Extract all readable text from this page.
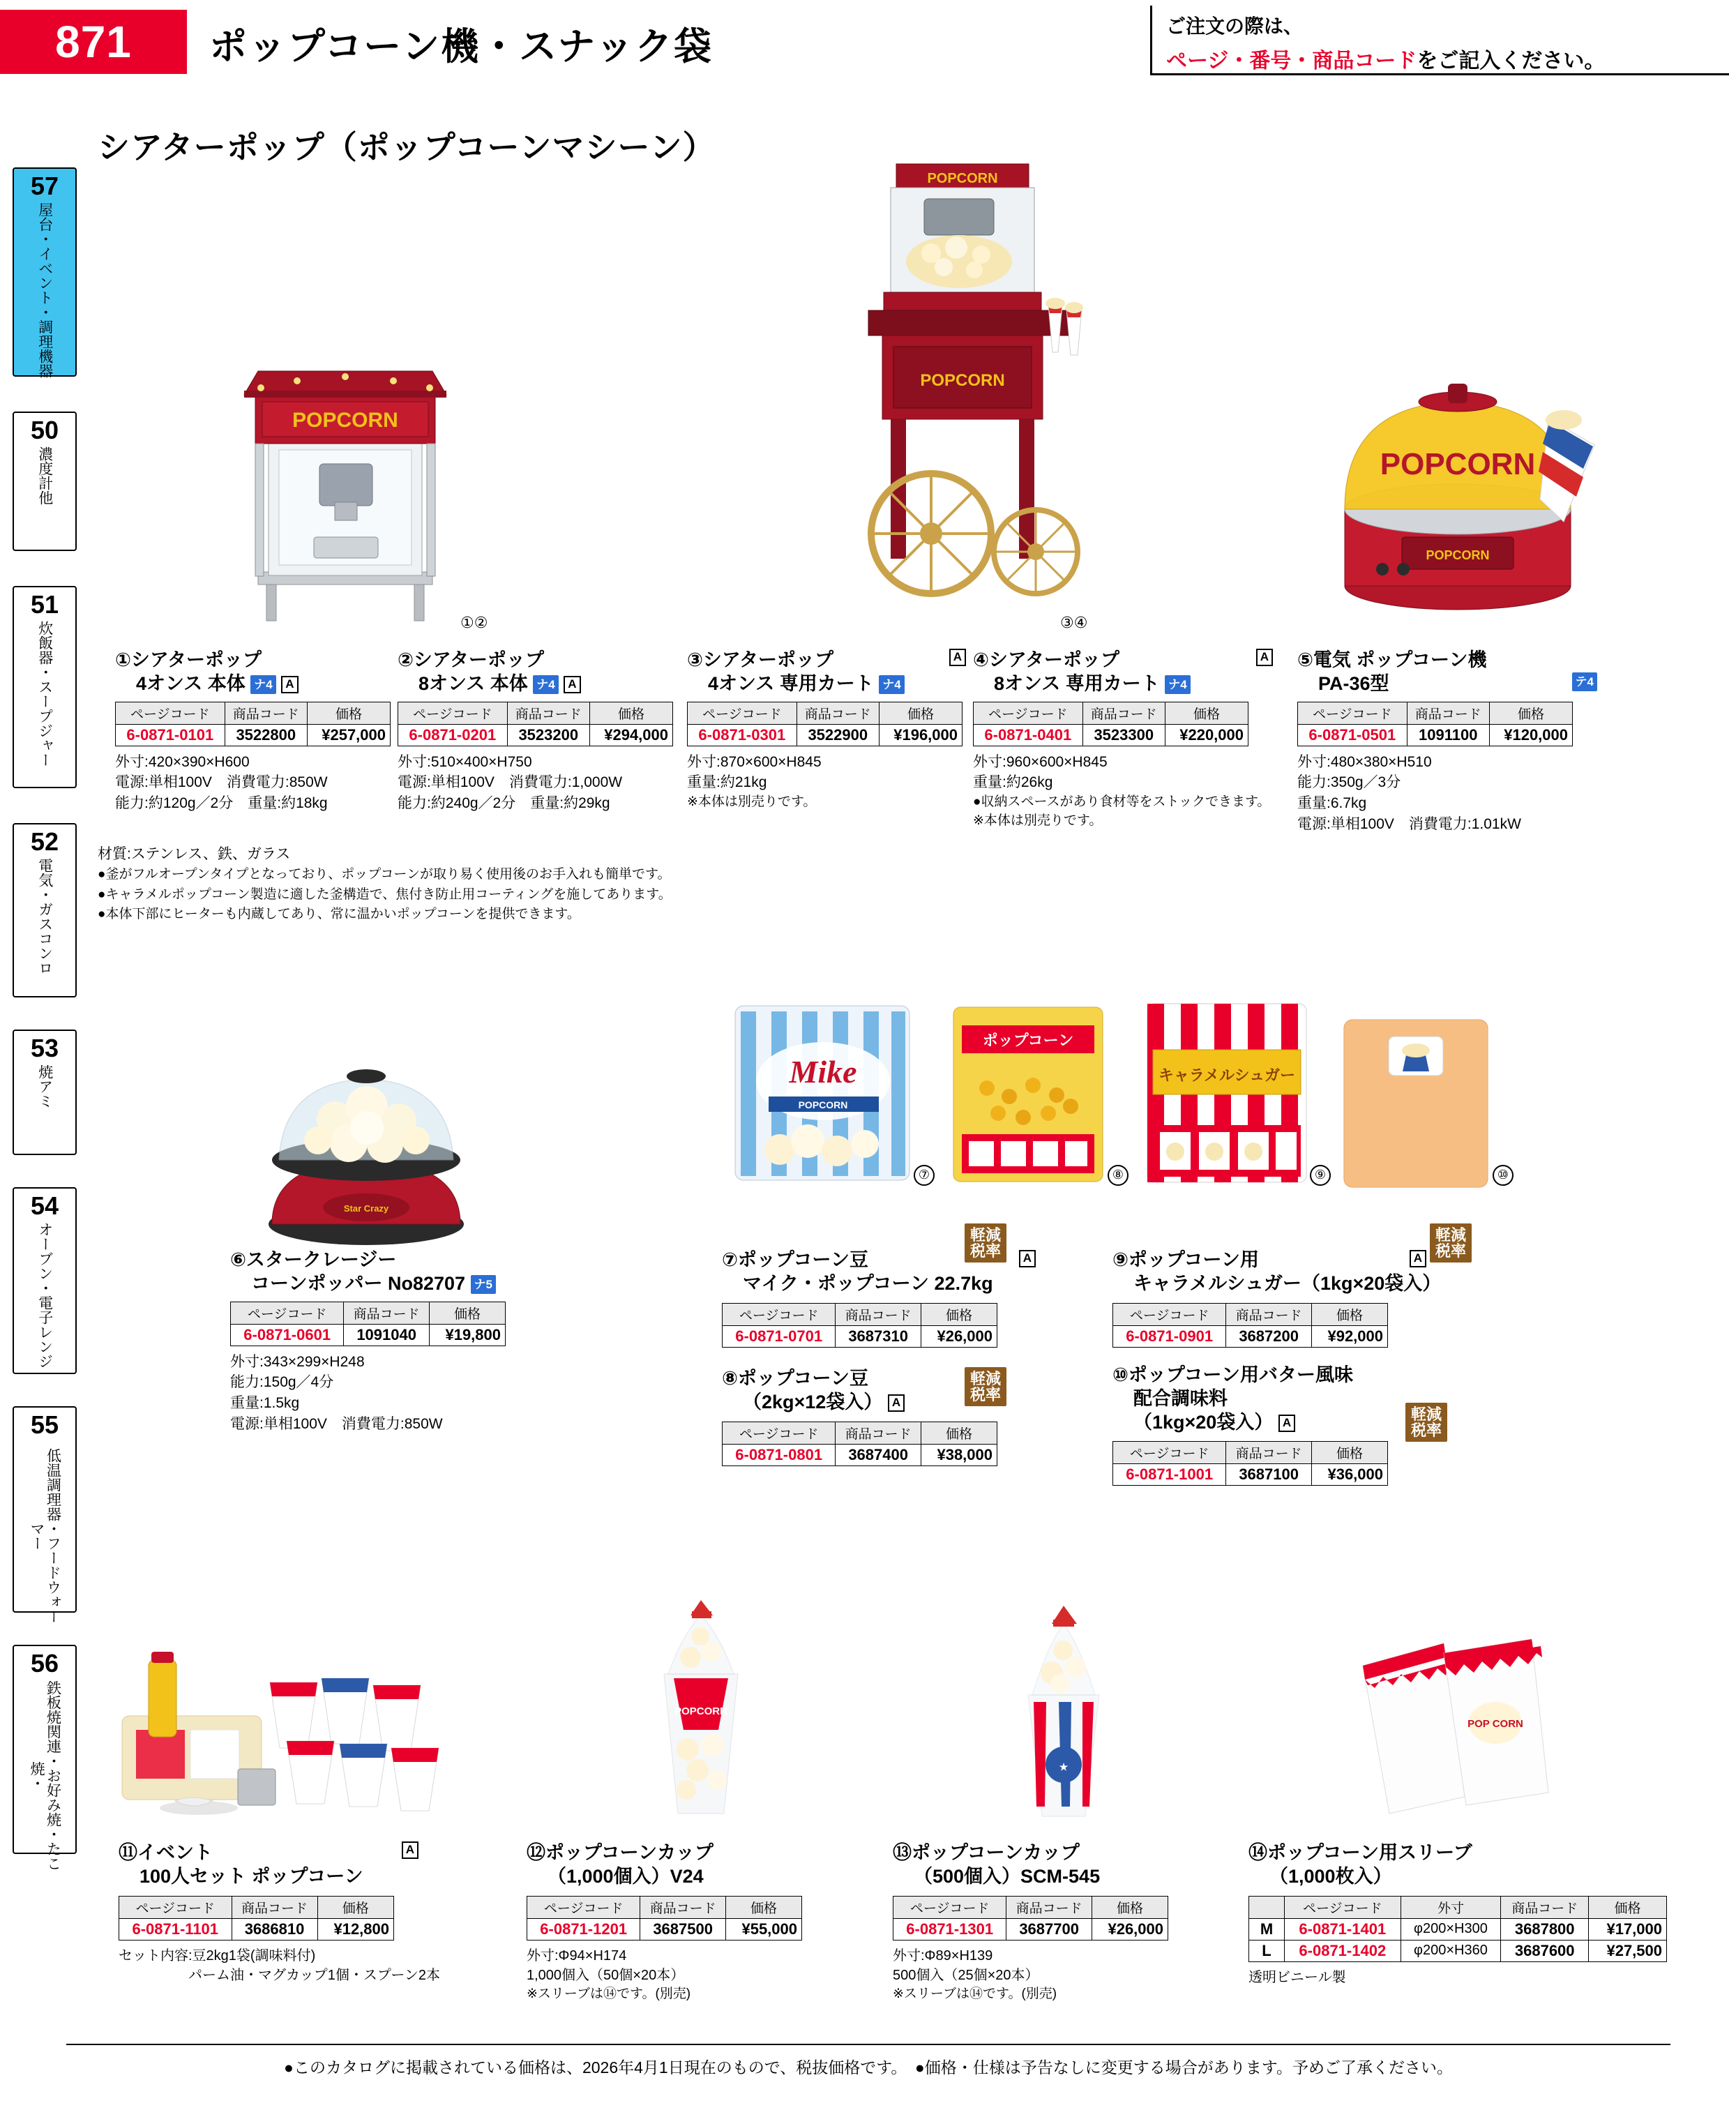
871	ポップコーン機・スナック袋	ご注文の際は、
ページ・番号・商品コードをご記入ください。
シアターポップ（ポップコーンマシーン）
57
屋台・イベント・調理機器
50
濃度計他
51
炊飯器・スープジャー
52
電気・ガスコンロ
53
焼アミ
54
オーブン・電子レンジ
55
低温調理器・フードウォーマー
56
鉄板焼関連・お好み焼・たこ焼・
POPCORN
①②
POPCORN
POPCORN
③④
POPCORN
POPCORN
①シアターポップ
4オンス 本体 ナ4 A
ページコード	商品コード	価格
6-0871-0101	3522800	¥257,000
外寸:420×390×H600
電源:単相100V　消費電力:850W
能力:約120g／2分　重量:約18kg
②シアターポップ
8オンス 本体 ナ4 A
ページコード	商品コード	価格
6-0871-0201	3523200	¥294,000
外寸:510×400×H750
電源:単相100V　消費電力:1,000W
能力:約240g／2分　重量:約29kg
③シアターポップ	A

4オンス 専用カート ナ4
ページコード	商品コード	価格
6-0871-0301	3522900	¥196,000
外寸:870×600×H845
重量:約21kg
※本体は別売りです。
④シアターポップ	A

8オンス 専用カート ナ4
ページコード	商品コード	価格
6-0871-0401	3523300	¥220,000
外寸:960×600×H845
重量:約26kg
●収納スペースがあり食材等をストックできます。
※本体は別売りです。
⑤電気 ポップコーン機
PA-36型	テ4
ページコード	商品コード	価格
6-0871-0501	1091100	¥120,000
外寸:480×380×H510
能力:350g／3分
重量:6.7kg
電源:単相100V　消費電力:1.01kW
材質:ステンレス、鉄、ガラス
●釜がフルオープンタイプとなっており、ポップコーンが取り易く使用後のお手入れも簡単です。
●キャラメルポップコーン製造に適した釜構造で、焦付き防止用コーティングを施してあります。
●本体下部にヒーターも内蔵してあり、常に温かいポップコーンを提供できます。
Star Crazy
Mike
POPCORN
⑦
ポップコーン
⑧
キャラメルシュガー
⑨	⑩
⑥スタークレージー
コーンポッパー No82707 ナ5
ページコード	商品コード	価格
6-0871-0601	1091040	¥19,800
外寸:343×299×H248
能力:150g／4分
重量:1.5kg
電源:単相100V　消費電力:850W
⑦ポップコーン豆	A

マイク・ポップコーン 22.7kg
軽減
税率
ページコード	商品コード	価格
6-0871-0701	3687310	¥26,000
⑧ポップコーン豆
（2kg×12袋入） A
軽減
税率
ページコード	商品コード	価格
6-0871-0801	3687400	¥38,000
⑨ポップコーン用	A

キャラメルシュガー（1kg×20袋入）
軽減
税率
ページコード	商品コード	価格
6-0871-0901	3687200	¥92,000
⑩ポップコーン用バター風味
配合調味料
（1kg×20袋入） A	軽減
税率
ページコード	商品コード	価格
6-0871-1001	3687100	¥36,000
POPCORN
★
POP CORN
⑪イベント	A

100人セット ポップコーン
ページコード	商品コード	価格
6-0871-1101	3686810	¥12,800
セット内容:豆2kg1袋(調味料付)
　　　　　パーム油・マグカップ1個・スプーン2本
⑫ポップコーンカップ
（1,000個入）V24
ページコード	商品コード	価格
6-0871-1201	3687500	¥55,000
外寸:Φ94×H174
1,000個入（50個×20本）
※スリーブは⑭です。(別売)
⑬ポップコーンカップ
（500個入）SCM-545
ページコード	商品コード	価格
6-0871-1301	3687700	¥26,000
外寸:Φ89×H139
500個入（25個×20本）
※スリーブは⑭です。(別売)
⑭ポップコーン用スリーブ
（1,000枚入）
	ページコード	外寸	商品コード	価格
M	6-0871-1401	φ200×H300	3687800	¥17,000
L	6-0871-1402	φ200×H360	3687600	¥27,500
透明ビニール製
●このカタログに掲載されている価格は、2026年4月1日現在のもので、税抜価格です。　●価格・仕様は予告なしに変更する場合があります。予めご了承ください。
